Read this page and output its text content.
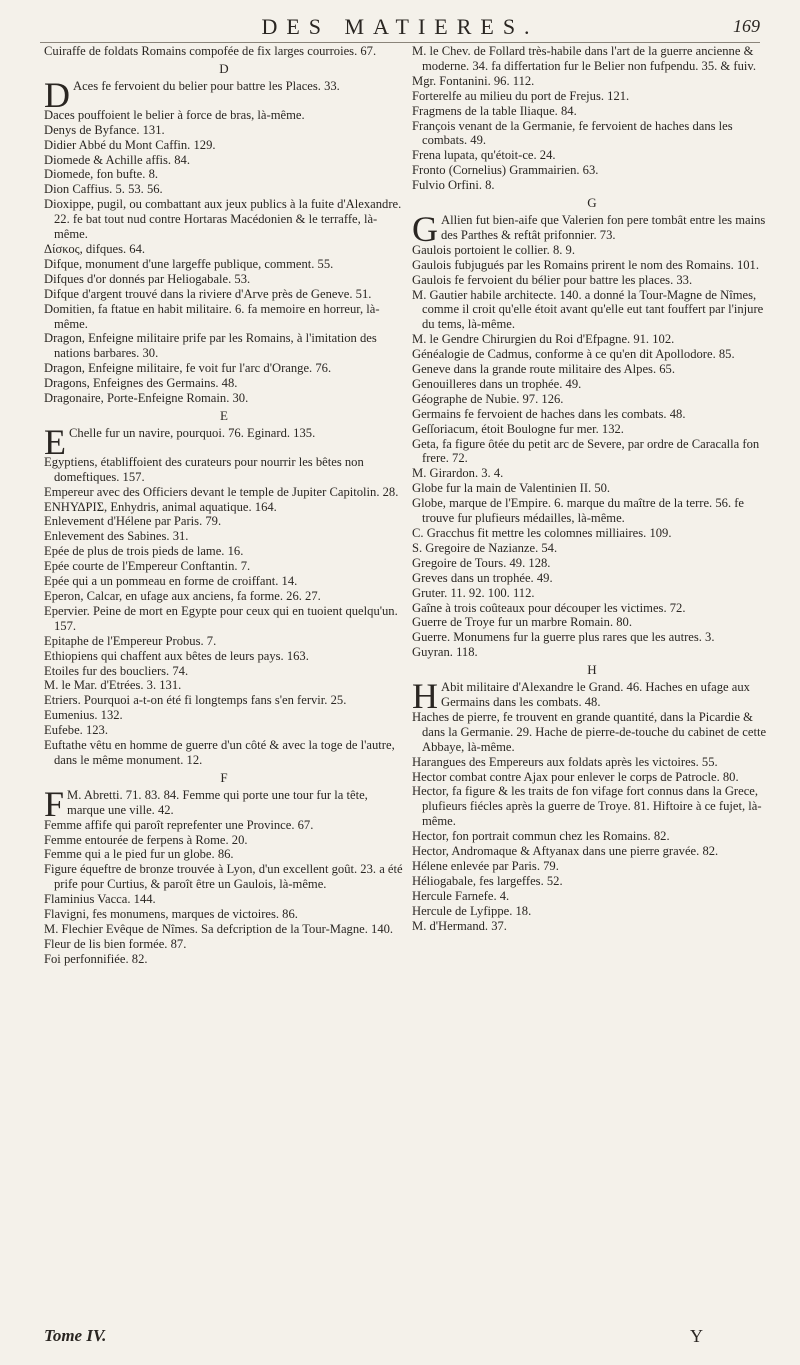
DES MATIERES.	169

Cuiraffe de foldats Romains compofée de fix larges courroies. 67.

D

D Aces fe fervoient du belier pour battre les Places. 33.

Daces pouffoient le belier à force de bras, là-même.

Denys de Byfance. 131.

Didier Abbé du Mont Caffin. 129.

Diomede & Achille affis. 84.

Diomede, fon bufte. 8.

Dion Caffius. 5. 53. 56.

Dioxippe, pugil, ou combattant aux jeux publics à la fuite d'Alexandre. 22. fe bat tout nud contre Hortaras Macédonien & le terraffe, là-même.

Δίσκος, difques. 64.

Difque, monument d'une largeffe publique, comment. 55.

Difques d'or donnés par Heliogabale. 53.

Difque d'argent trouvé dans la riviere d'Arve près de Geneve. 51.

Domitien, fa ftatue en habit militaire. 6. fa memoire en horreur, là-même.

Dragon, Enfeigne militaire prife par les Romains, à l'imitation des nations barbares. 30.

Dragon, Enfeigne militaire, fe voit fur l'arc d'Orange. 76.

Dragons, Enfeignes des Germains. 48.

Dragonaire, Porte-Enfeigne Romain. 30.

E

E Chelle fur un navire, pourquoi. 76. Eginard. 135.

Egyptiens, établiffoient des curateurs pour nourrir les bêtes non domeftiques. 157.

Empereur avec des Officiers devant le temple de Jupiter Capitolin. 28.

ΕΝΗΥΔΡΙΣ, Enhydris, animal aquatique. 164.

Enlevement d'Hélene par Paris. 79.

Enlevement des Sabines. 31.

Epée de plus de trois pieds de lame. 16.

Epée courte de l'Empereur Conftantin. 7.

Epée qui a un pommeau en forme de croiffant. 14.

Eperon, Calcar, en ufage aux anciens, fa forme. 26. 27.

Epervier. Peine de mort en Egypte pour ceux qui en tuoient quelqu'un. 157.

Epitaphe de l'Empereur Probus. 7.

Ethiopiens qui chaffent aux bêtes de leurs pays. 163.

Etoiles fur des boucliers. 74.

M. le Mar. d'Etrées. 3. 131.

Etriers. Pourquoi a-t-on été fi longtemps fans s'en fervir. 25.

Eumenius. 132.

Eufebe. 123.

Euftathe vêtu en homme de guerre d'un côté & avec la toge de l'autre, dans le même monument. 12.

F

F M. Abretti. 71. 83. 84. Femme qui porte une tour fur la tête, marque une ville. 42.

Femme affife qui paroît reprefenter une Province. 67.

Femme entourée de ferpens à Rome. 20.

Femme qui a le pied fur un globe. 86.

Figure équeftre de bronze trouvée à Lyon, d'un excellent goût. 23. a été prife pour Curtius, & paroît être un Gaulois, là-même.

Flaminius Vacca. 144.

Flavigni, fes monumens, marques de victoires. 86.

M. Flechier Evêque de Nîmes. Sa defcription de la Tour-Magne. 140.

Fleur de lis bien formée. 87.

Foi perfonnifiée. 82.

M. le Chev. de Follard très-habile dans l'art de la guerre ancienne & moderne. 34. fa differtation fur le Belier non fufpendu. 35. & fuiv.

Mgr. Fontanini. 96. 112.

Forterelfe au milieu du port de Frejus. 121.

Fragmens de la table Iliaque. 84.

François venant de la Germanie, fe fervoient de haches dans les combats. 49.

Frena lupata, qu'étoit-ce. 24.

Fronto (Cornelius) Grammairien. 63.

Fulvio Orfini. 8.

G

G Allien fut bien-aife que Valerien fon pere tombât entre les mains des Parthes & reftât prifonnier. 73.

Gaulois portoient le collier. 8. 9.

Gaulois fubjugués par les Romains prirent le nom des Romains. 101.

Gaulois fe fervoient du bélier pour battre les places. 33.

M. Gautier habile architecte. 140. a donné la Tour-Magne de Nîmes, comme il croit qu'elle étoit avant qu'elle eut tant fouffert par l'injure du tems, là-même.

M. le Gendre Chirurgien du Roi d'Efpagne. 91. 102.

Généalogie de Cadmus, conforme à ce qu'en dit Apollodore. 85.

Geneve dans la grande route militaire des Alpes. 65.

Genouilleres dans un trophée. 49.

Géographe de Nubie. 97. 126.

Germains fe fervoient de haches dans les combats. 48.

Geſſoriacum, étoit Boulogne fur mer. 132.

Geta, fa figure ôtée du petit arc de Severe, par ordre de Caracalla fon frere. 72.

M. Girardon. 3. 4.

Globe fur la main de Valentinien II. 50.

Globe, marque de l'Empire. 6. marque du maître de la terre. 56. fe trouve fur plufieurs médailles, là-même.

C. Gracchus fit mettre les colomnes milliaires. 109.

S. Gregoire de Nazianze. 54.

Gregoire de Tours. 49. 128.

Greves dans un trophée. 49.

Gruter. 11. 92. 100. 112.

Gaîne à trois coûteaux pour découper les victimes. 72.

Guerre de Troye fur un marbre Romain. 80.

Guerre. Monumens fur la guerre plus rares que les autres. 3.

Guyran. 118.

H

H Abit militaire d'Alexandre le Grand. 46. Haches en ufage aux Germains dans les combats. 48.

Haches de pierre, fe trouvent en grande quantité, dans la Picardie & dans la Germanie. 29. Hache de pierre-de-touche du cabinet de cette Abbaye, là-même.

Harangues des Empereurs aux foldats après les victoires. 55.

Hector combat contre Ajax pour enlever le corps de Patrocle. 80.

Hector, fa figure & les traits de fon vifage fort connus dans la Grece, plufieurs fiécles après la guerre de Troye. 81. Hiftoire à ce fujet, là-même.

Hector, fon portrait commun chez les Romains. 82.

Hector, Andromaque & Aftyanax dans une pierre gravée. 82.

Hélene enlevée par Paris. 79.

Héliogabale, fes largeffes. 52.

Hercule Farnefe. 4.

Hercule de Lyfippe. 18.

M. d'Hermand. 37.

Tome IV.	Y
